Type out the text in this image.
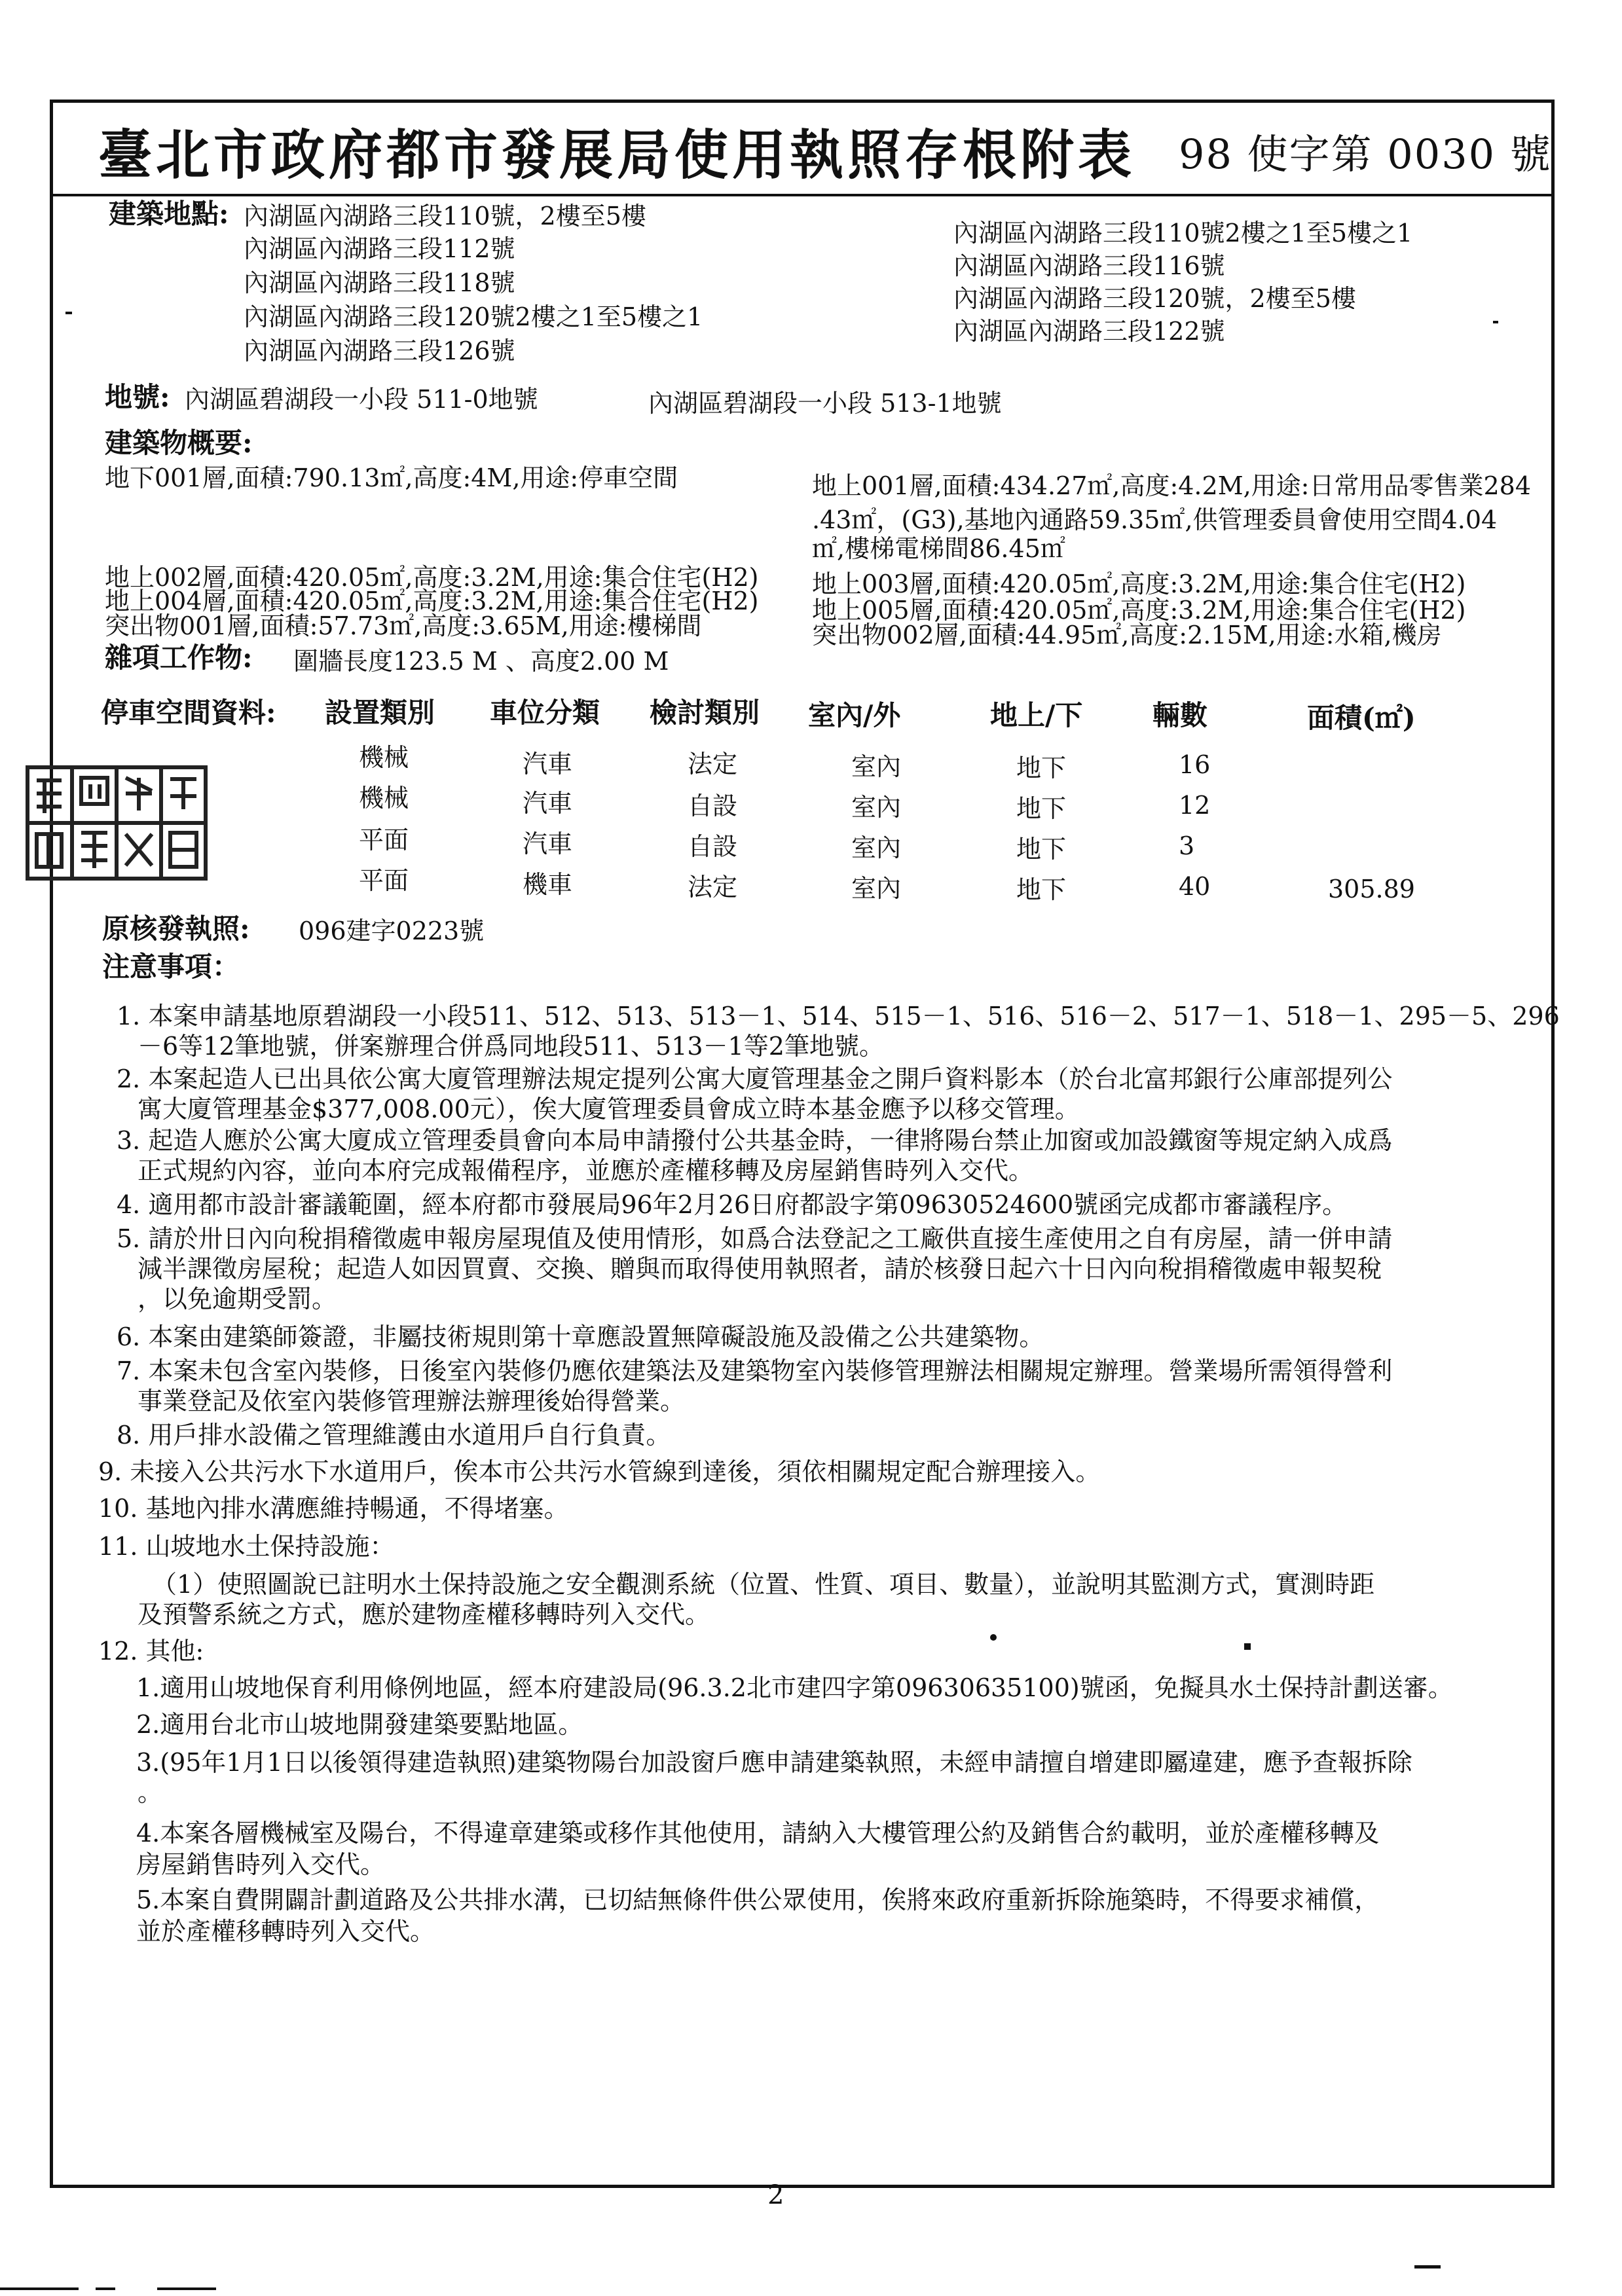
臺北市政府都市發展局使用執照存根附表 98 使字第 0030 號
建築地點: 內湖區內湖路三段110號，2樓至5樓
內湖區內湖路三段112號
內湖區內湖路三段118號
內湖區內湖路三段120號2樓之1至5樓之1
內湖區內湖路三段126號
內湖區內湖路三段110號2樓之1至5樓之1
內湖區內湖路三段116號
內湖區內湖路三段120號，2樓至5樓
內湖區內湖路三段122號
地號: 內湖區碧湖段一小段 511-0地號	內湖區碧湖段一小段 513-1地號
建築物概要:
地下001層,面積:790.13㎡,高度:4M,用途:停車空間	地上001層,面積:434.27㎡,高度:4.2M,用途:日常用品零售業284
.43㎡，(G3),基地內通路59.35㎡,供管理委員會使用空間4.04
㎡,樓梯電梯間86.45㎡
地上002層,面積:420.05㎡,高度:3.2M,用途:集合住宅(H2)
地上004層,面積:420.05㎡,高度:3.2M,用途:集合住宅(H2)
突出物001層,面積:57.73㎡,高度:3.65M,用途:樓梯間
地上003層,面積:420.05㎡,高度:3.2M,用途:集合住宅(H2)
地上005層,面積:420.05㎡,高度:3.2M,用途:集合住宅(H2)
突出物002層,面積:44.95㎡,高度:2.15M,用途:水箱,機房
雜項工作物: 圍牆長度123.5 M 、高度2.00 M
停車空間資料: 設置類別 車位分類 檢討類別 室內/外	地上/下	輛數	面積(㎡)
機械	汽車	法定	室內	地下	16
機械	汽車	自設	室內	地下	12
平面	汽車	自設	室內	地下	3
平面	機車	法定	室內	地下	40	305.89
原核發執照: 096建字0223號
注意事項：
1. 本案申請基地原碧湖段一小段511、512、513、513－1、514、515－1、516、516－2、517－1、518－1、295－5、296
－6等12筆地號，併案辦理合併爲同地段511、513－1等2筆地號。
2. 本案起造人已出具依公寓大廈管理辦法規定提列公寓大廈管理基金之開戶資料影本（於台北富邦銀行公庫部提列公
寓大廈管理基金$377,008.00元），俟大廈管理委員會成立時本基金應予以移交管理。
3. 起造人應於公寓大廈成立管理委員會向本局申請撥付公共基金時，一律將陽台禁止加窗或加設鐵窗等規定納入成爲
正式規約內容，並向本府完成報備程序，並應於產權移轉及房屋銷售時列入交代。
4. 適用都市設計審議範圍，經本府都市發展局96年2月26日府都設字第09630524600號函完成都市審議程序。
5. 請於卅日內向稅捐稽徵處申報房屋現值及使用情形，如爲合法登記之工廠供直接生產使用之自有房屋，請一併申請
減半課徵房屋稅；起造人如因買賣、交換、贈與而取得使用執照者，請於核發日起六十日內向稅捐稽徵處申報契稅
，以免逾期受罰。
6. 本案由建築師簽證，非屬技術規則第十章應設置無障礙設施及設備之公共建築物。
7. 本案未包含室內裝修，日後室內裝修仍應依建築法及建築物室內裝修管理辦法相關規定辦理。營業場所需領得營利
事業登記及依室內裝修管理辦法辦理後始得營業。
8. 用戶排水設備之管理維護由水道用戶自行負責。
9. 未接入公共污水下水道用戶，俟本市公共污水管線到達後，須依相關規定配合辦理接入。
10. 基地內排水溝應維持暢通，不得堵塞。
11. 山坡地水土保持設施：
（1）使照圖說已註明水土保持設施之安全觀測系統（位置、性質、項目、數量），並說明其監測方式，實測時距
及預警系統之方式，應於建物產權移轉時列入交代。
12. 其他:
1.適用山坡地保育利用條例地區，經本府建設局(96.3.2北市建四字第09630635100)號函，免擬具水土保持計劃送審。
2.適用台北市山坡地開發建築要點地區。
3.(95年1月1日以後領得建造執照)建築物陽台加設窗戶應申請建築執照，未經申請擅自增建即屬違建，應予查報拆除
。
4.本案各層機械室及陽台，不得違章建築或移作其他使用，請納入大樓管理公約及銷售合約載明，並於產權移轉及
房屋銷售時列入交代。
5.本案自費開闢計劃道路及公共排水溝，已切結無條件供公眾使用，俟將來政府重新拆除施築時，不得要求補償，
並於產權移轉時列入交代。
2
